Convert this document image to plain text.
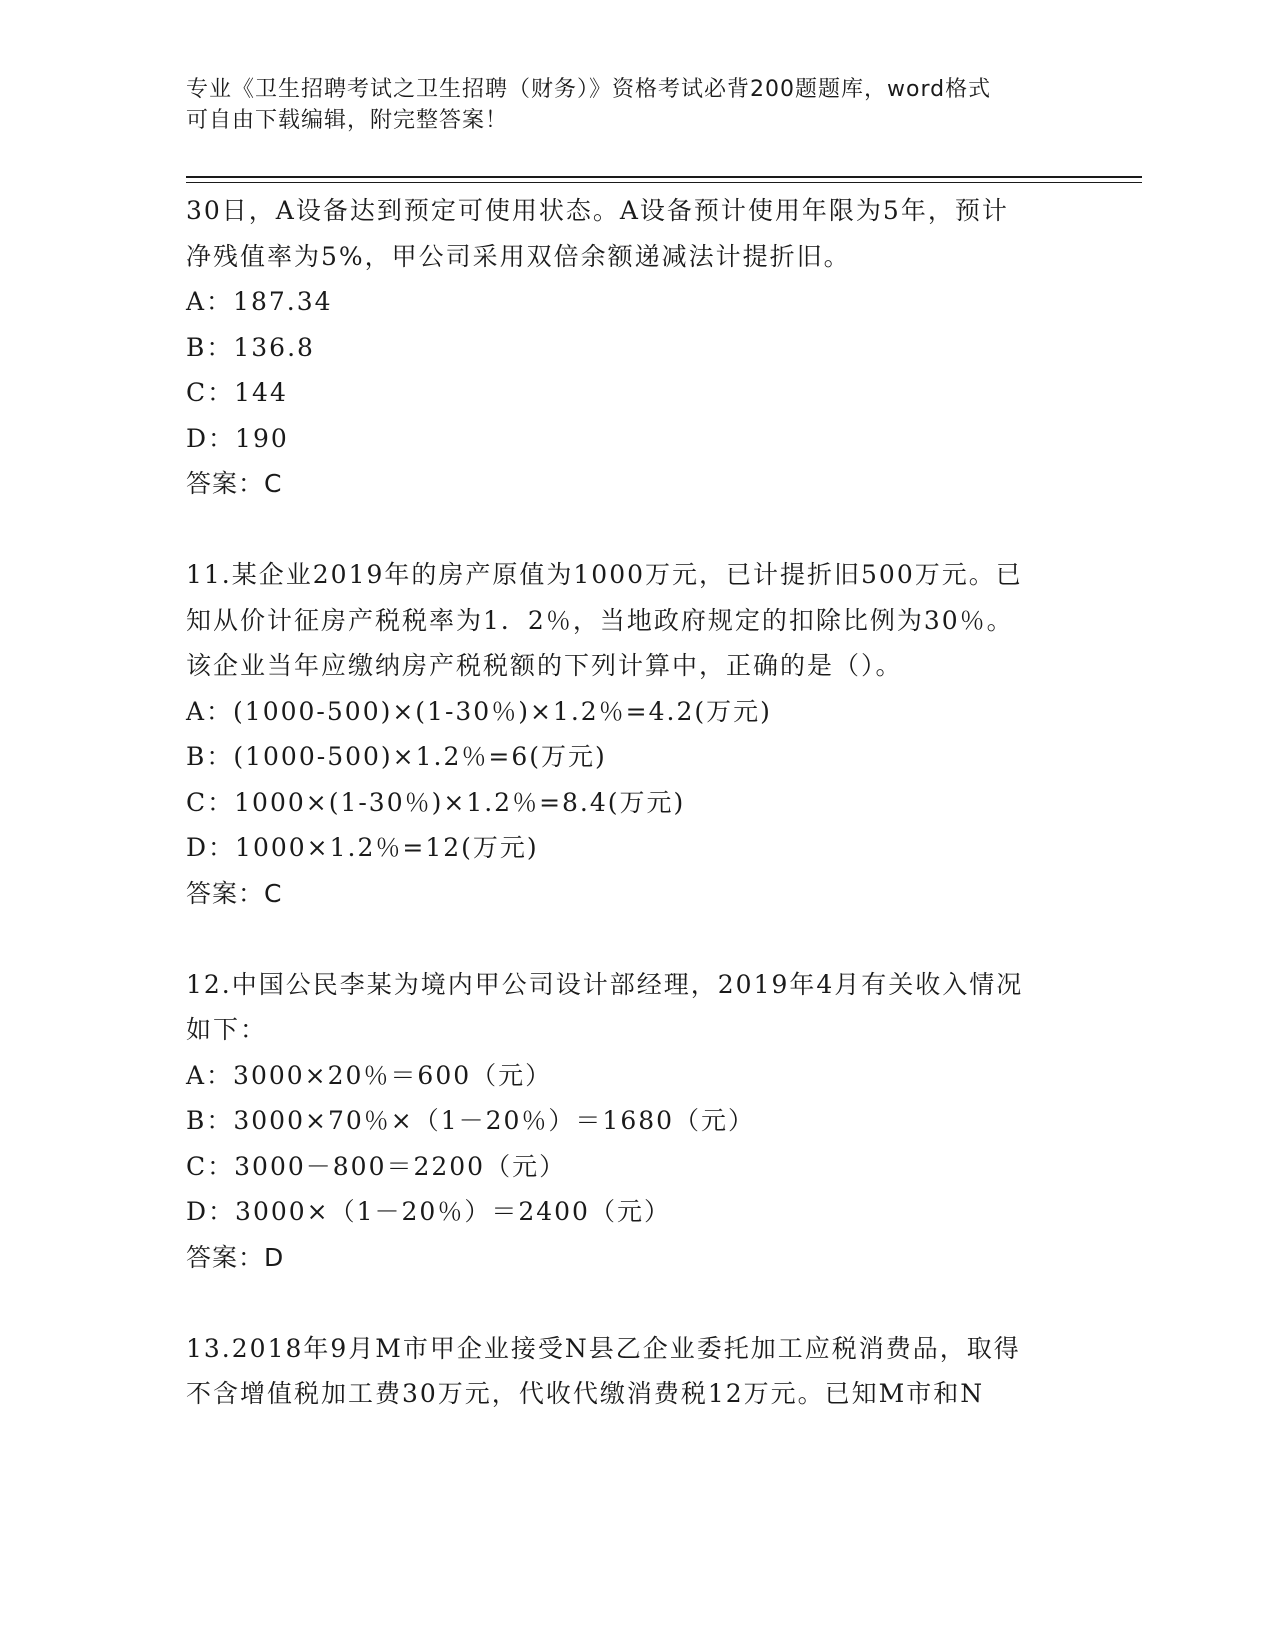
专业《卫生招聘考试之卫生招聘（财务）》资格考试必背200题题库，word格式
可自由下载编辑，附完整答案！
30日，A设备达到预定可使用状态。A设备预计使用年限为5年，预计
净残值率为5%，甲公司采用双倍余额递减法计提折旧。
A：187.34
B：136.8
C：144
D：190
答案：C
11.某企业2019年的房产原值为1000万元，已计提折旧500万元。已
知从价计征房产税税率为1．2％，当地政府规定的扣除比例为30％。
该企业当年应缴纳房产税税额的下列计算中，正确的是（）。
A：(1000-500)×(1-30％)×1.2％=4.2(万元)
B：(1000-500)×1.2％=6(万元)
C：1000×(1-30％)×1.2％=8.4(万元)
D：1000×1.2％=12(万元)
答案：C
12.中国公民李某为境内甲公司设计部经理，2019年4月有关收入情况
如下：
A：3000×20％＝600（元）
B：3000×70％×（1－20％）＝1680（元）
C：3000－800＝2200（元）
D：3000×（1－20％）＝2400（元）
答案：D
13.2018年9月M市甲企业接受N县乙企业委托加工应税消费品，取得
不含增值税加工费30万元，代收代缴消费税12万元。已知M市和N
